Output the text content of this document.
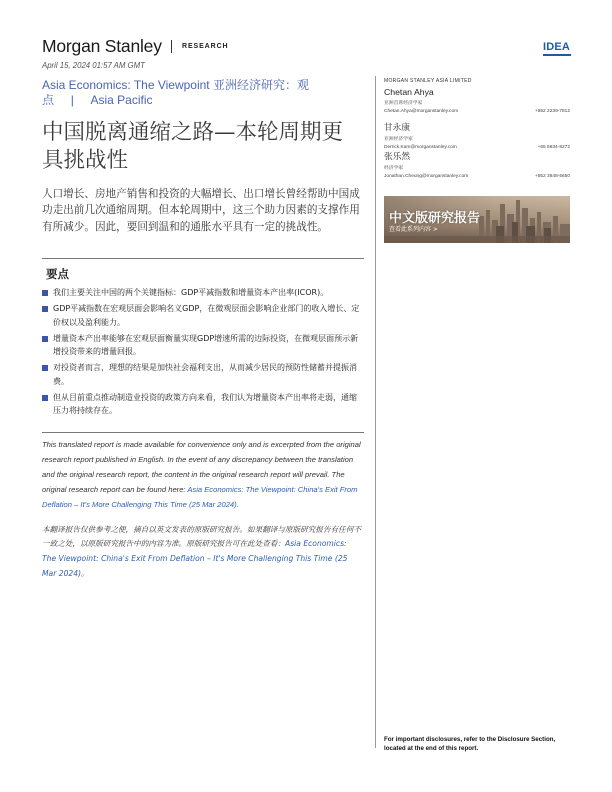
Morgan Stanley	RESEARCH	IDEA
April 15, 2024 01:57 AM GMT
Asia Economics: The Viewpoint 亚洲经济研究：观
点 | Asia Pacific
中国脱离通缩之路—本轮周期更具挑战性
人口增长、房地产销售和投资的大幅增长、出口增长曾经帮助中国成功走出前几次通缩周期。但本轮周期中，这三个助力因素的支撑作用有所减少。因此，要回到温和的通胀水平具有一定的挑战性。
要点
我们主要关注中国的两个关键指标：GDP平减指数和增量资本产出率(ICOR)。
GDP平减指数在宏观层面会影响名义GDP，在微观层面会影响企业部门的收入增长、定价权以及盈利能力。
增量资本产出率能够在宏观层面衡量实现GDP增速所需的边际投资，在微观层面预示新增投资带来的增量回报。
对投资者而言，理想的结果是加快社会福利支出，从而减少居民的预防性储蓄并提振消费。
但从目前重点推动制造业投资的政策方向来看，我们认为增量资本产出率将走弱，通缩压力将持续存在。

This translated report is made available for convenience only and is excerpted from the original research report published in English. In the event of any discrepancy between the translation and the original research report, the content in the original research report will prevail. The original research report can be found here: Asia Economics: The Viewpoint: China's Exit From Deflation – It's More Challenging This Time (25 Mar 2024).

本翻译报告仅供参考之便，摘自以英文发表的原版研究报告。如果翻译与原版研究报告有任何不一致之处，以原版研究报告中的内容为准。原版研究报告可在此处查看：Asia Economics: The Viewpoint: China's Exit From Deflation – It's More Challenging This Time (25 Mar 2024)。

MORGAN STANLEY ASIA LIMITED
Chetan Ahya
亚洲首席经济学家
Chetan.Ahya@morganstanley.com	+852 2239-7812
甘永康
亚洲经济学家
Derrick.Kam@morganstanley.com	+65 6834-8272
张乐然
经济学家
Jonathan.Cheung@morganstanley.com	+852 3848-5650
中文版研究报告
查看此系列内容 >
For important disclosures, refer to the Disclosure Section, located at the end of this report.
